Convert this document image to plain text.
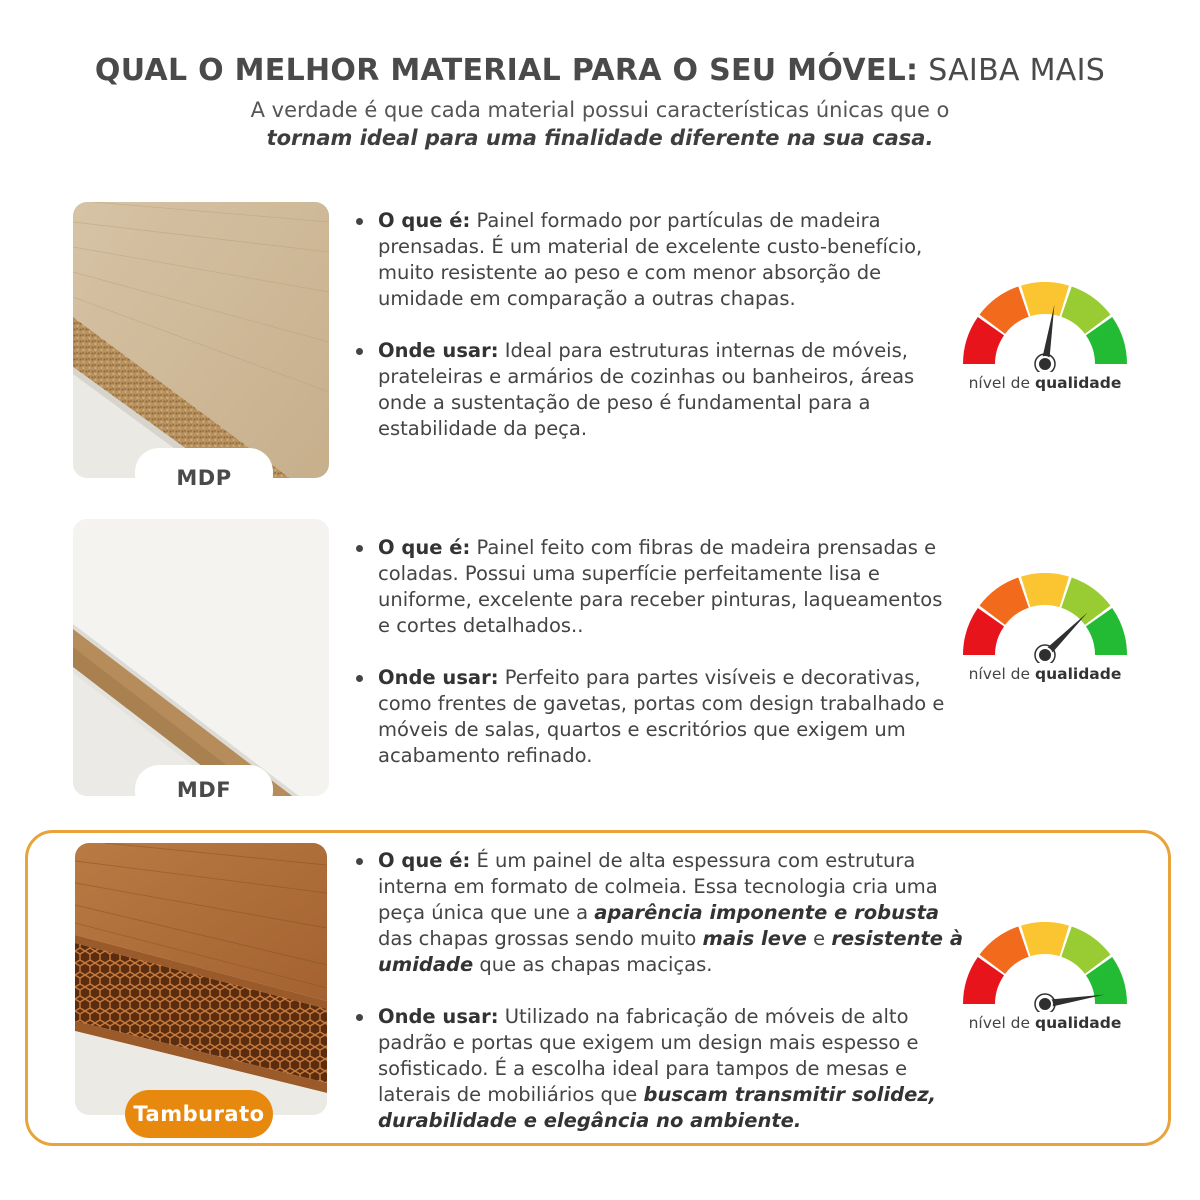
QUAL O MELHOR MATERIAL PARA O SEU MÓVEL: SAIBA MAIS
A verdade é que cada material possui características únicas que o
tornam ideal para uma finalidade diferente na sua casa.
MDP
O que é: Painel formado por partículas de madeira prensadas. É um material de excelente custo-benefício, muito resistente ao peso e com menor absorção de umidade em comparação a outras chapas.
Onde usar: Ideal para estruturas internas de móveis, prateleiras e armários de cozinhas ou banheiros, áreas onde a sustentação de peso é fundamental para a estabilidade da peça.
nível de qualidade
MDF
O que é: Painel feito com fibras de madeira prensadas e coladas. Possui uma superfície perfeitamente lisa e uniforme, excelente para receber pinturas, laqueamentos e cortes detalhados..
Onde usar: Perfeito para partes visíveis e decorativas, como frentes de gavetas, portas com design trabalhado e móveis de salas, quartos e escritórios que exigem um acabamento refinado.
nível de qualidade
Tamburato
O que é: É um painel de alta espessura com estrutura interna em formato de colmeia. Essa tecnologia cria uma peça única que une a aparência imponente e robusta das chapas grossas sendo muito mais leve e resistente à umidade que as chapas maciças.
Onde usar: Utilizado na fabricação de móveis de alto padrão e portas que exigem um design mais espesso e sofisticado. É a escolha ideal para tampos de mesas e laterais de mobiliários que buscam transmitir solidez, durabilidade e elegância no ambiente.
nível de qualidade
